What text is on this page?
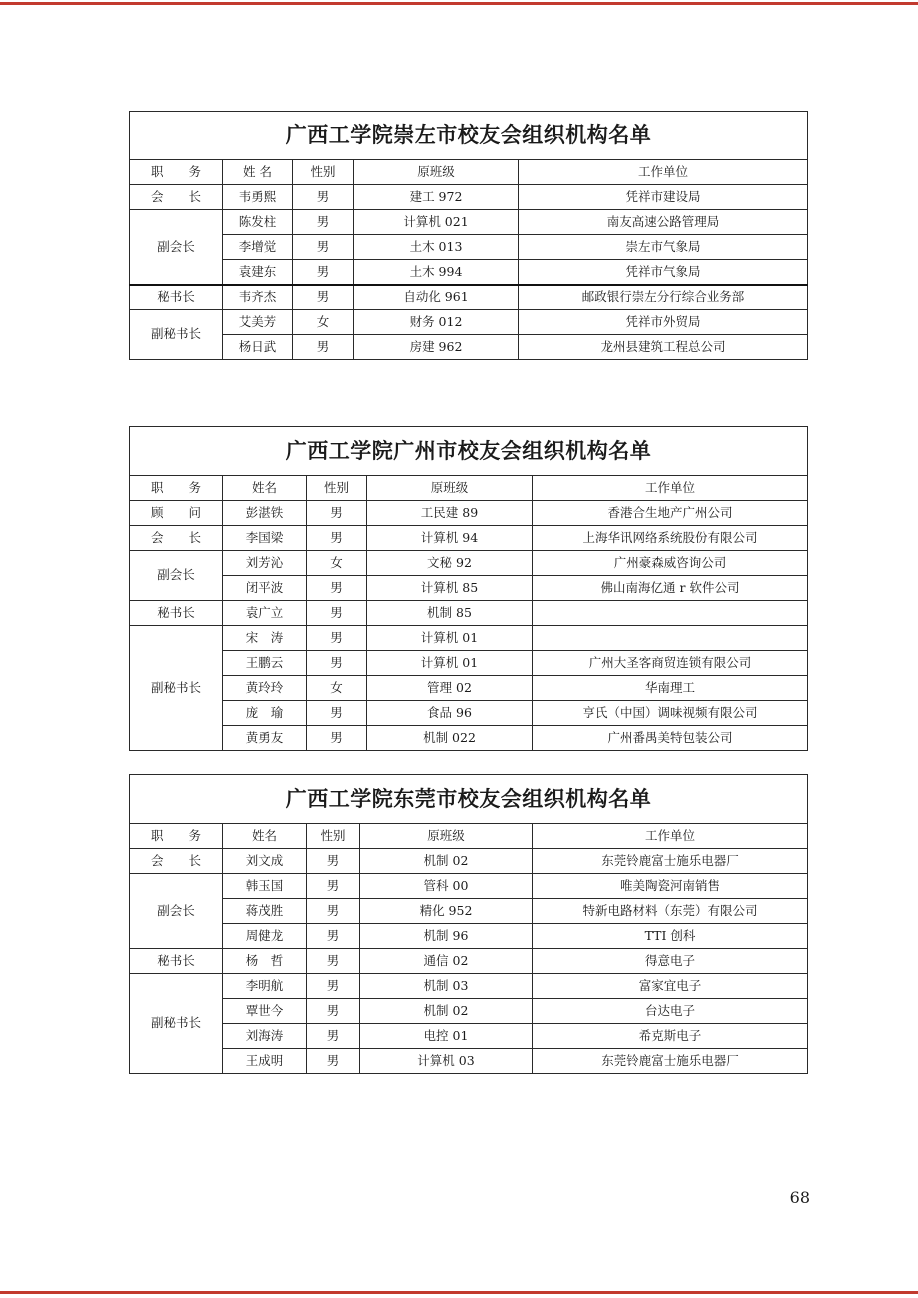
广西工学院崇左市校友会组织机构名单				
职　　务	姓 名	性别	原班级	工作单位
会　　长	韦勇熙	男	建工 972	凭祥市建设局
副会长	陈发柱	男	计算机 021	南友高速公路管理局
	李增觉	男	土木 013	崇左市气象局
	袁建东	男	土木 994	凭祥市气象局
秘书长	韦齐杰	男	自动化 961	邮政银行崇左分行综合业务部
副秘书长	艾美芳	女	财务 012	凭祥市外贸局
	杨日武	男	房建 962	龙州县建筑工程总公司
广西工学院广州市校友会组织机构名单				
职　　务	姓名	性别	原班级	工作单位
顾　　问	彭湛铁	男	工民建 89	香港合生地产广州公司
会　　长	李国梁	男	计算机 94	上海华讯网络系统股份有限公司
副会长	刘芳沁	女	文秘 92	广州豪森威咨询公司
	闭平波	男	计算机 85	佛山南海亿通 r 软件公司
秘书长	袁广立	男	机制 85	
副秘书长	宋　涛	男	计算机 01	
	王鹏云	男	计算机 01	广州大圣客商贸连锁有限公司
	黄玲玲	女	管理 02	华南理工
	庞　瑜	男	食品 96	亨氏（中国）调味视频有限公司
	黄勇友	男	机制 022	广州番禺美特包装公司
广西工学院东莞市校友会组织机构名单				
职　　务	姓名	性别	原班级	工作单位
会　　长	刘文成	男	机制 02	东莞铃鹿富士施乐电器厂
副会长	韩玉国	男	管科 00	唯美陶瓷河南销售
	蒋茂胜	男	精化 952	特新电路材料（东莞）有限公司
	周健龙	男	机制 96	TTI 创科
秘书长	杨　哲	男	通信 02	得意电子
副秘书长	李明航	男	机制 03	富家宜电子
	覃世今	男	机制 02	台达电子
	刘海涛	男	电控 01	希克斯电子
	王成明	男	计算机 03	东莞铃鹿富士施乐电器厂
68
